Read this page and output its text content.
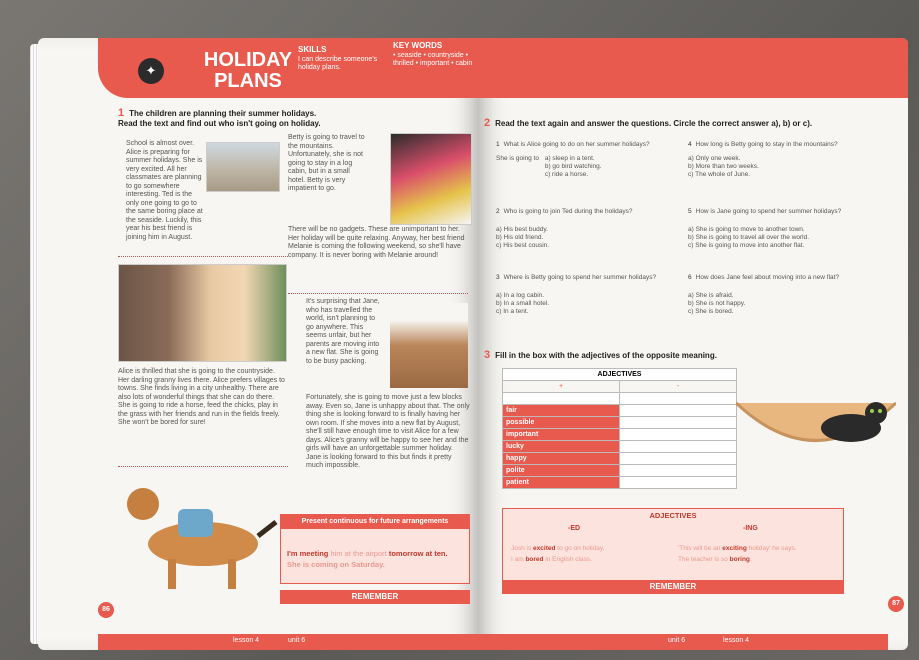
✦	HOLIDAY
PLANS
SKILLS
I can describe someone's holiday plans.
KEY WORDS
• seaside • countryside • thrilled • important • cabin
1 The children are planning their summer holidays.
Read the text and find out who isn't going on holiday.
School is almost over. Alice is preparing for summer holidays. She is very excited. All her classmates are planning to go somewhere interesting. Ted is the only one going to go to the same boring place at the seaside. Luckily, this year his best friend is joining him in August.
Betty is going to travel to the mountains. Unfortunately, she is not going to stay in a log cabin, but in a small hotel. Betty is very impatient to go.
There will be no gadgets. These are unimportant to her. Her holiday will be quite relaxing. Anyway, her best friend Melanie is coming the following weekend, so she'll have company. It is never boring with Melanie around!
It's surprising that Jane, who has travelled the world, isn't planning to go anywhere. This seems unfair, but her parents are moving into a new flat. She is going to be busy packing.
Fortunately, she is going to move just a few blocks away. Even so, Jane is unhappy about that. The only thing she is looking forward to is finally having her own room. If she moves into a new flat by August, she'll still have enough time to visit Alice for a few days. Alice's granny will be happy to see her and the girls will have an unforgettable summer holiday. Jane is looking forward to this but finds it pretty much impossible.
Alice is thrilled that she is going to the countryside. Her darling granny lives there. Alice prefers villages to towns. She finds living in a city unhealthy. There are also lots of wonderful things that she can do there. She is going to ride a horse, feed the chicks, play in the grass with her friends and run in the fields freely. She won't be bored for sure!
Present continuous for future arrangements
I'm meeting him at the airport tomorrow at ten.
She is coming on Saturday.
REMEMBER
lesson 4	unit 6
86
2 Read the text again and answer the questions. Circle the correct answer a), b) or c).
1 What is Alice going to do on her summer holidays?
She is going to a) sleep in a tent.
b) go bird watching.
c) ride a horse.
4 How long is Betty going to stay in the mountains?
a) Only one week.
b) More than two weeks.
c) The whole of June.
2 Who is going to join Ted during the holidays?
a) His best buddy.
b) His old friend.
c) His best cousin.
5 How is Jane going to spend her summer holidays?
a) She is going to move to another town.
b) She is going to travel all over the world.
c) She is going to move into another flat.
3 Where is Betty going to spend her summer holidays?
a) In a log cabin.
b) In a small hotel.
c) In a tent.
6 How does Jane feel about moving into a new flat?
a) She is afraid.
b) She is not happy.
c) She is bored.
3 Fill in the box with the adjectives of the opposite meaning.
ADJECTIVES	
+	-

fair	
possible	
important	
lucky	
happy	
polite	
patient	
ADJECTIVES
-ED	-ING
Josh is excited to go on holiday.
I am bored in English class.
'This will be an exciting holiday' he says.
The teacher is so boring.
REMEMBER
unit 6	lesson 4
87
